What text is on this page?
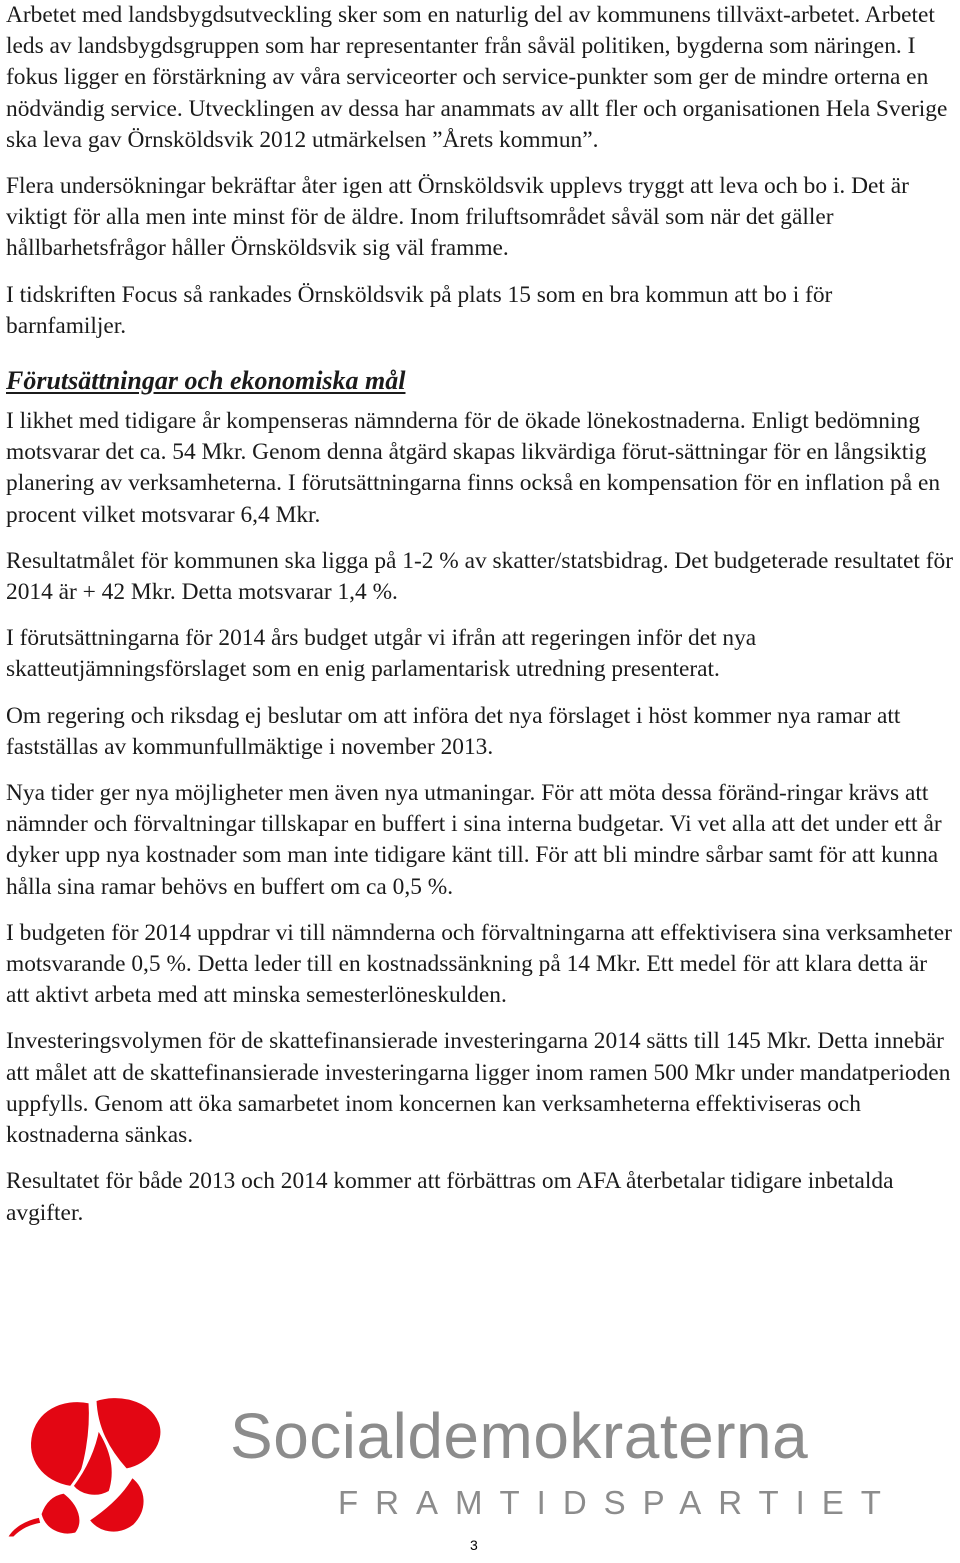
Arbetet med landsbygdsutveckling sker som en naturlig del av kommunens tillväxt-arbetet. Arbetet leds av landsbygdsgruppen som har representanter från såväl politiken, bygderna som näringen. I fokus ligger en förstärkning av våra serviceorter och service-punkter som ger de mindre orterna en nödvändig service. Utvecklingen av dessa har anammats av allt fler och organisationen Hela Sverige ska leva gav Örnsköldsvik 2012 utmärkelsen ”Årets kommun”.

Flera undersökningar bekräftar åter igen att Örnsköldsvik upplevs tryggt att leva och bo i. Det är viktigt för alla men inte minst för de äldre. Inom friluftsområdet såväl som när det gäller hållbarhetsfrågor håller Örnsköldsvik sig väl framme.

I tidskriften Focus så rankades Örnsköldsvik på plats 15 som en bra kommun att bo i för barnfamiljer.

Förutsättningar och ekonomiska mål

I likhet med tidigare år kompenseras nämnderna för de ökade lönekostnaderna. Enligt bedömning motsvarar det ca. 54 Mkr. Genom denna åtgärd skapas likvärdiga förut-sättningar för en långsiktig planering av verksamheterna. I förutsättningarna finns också en kompensation för en inflation på en procent vilket motsvarar 6,4 Mkr.

Resultatmålet för kommunen ska ligga på 1-2 % av skatter/statsbidrag. Det budgeterade resultatet för 2014 är + 42 Mkr. Detta motsvarar 1,4 %.

I förutsättningarna för 2014 års budget utgår vi ifrån att regeringen inför det nya skatteutjämningsförslaget som en enig parlamentarisk utredning presenterat.

Om regering och riksdag ej beslutar om att införa det nya förslaget i höst kommer nya ramar att fastställas av kommunfullmäktige i november 2013.

Nya tider ger nya möjligheter men även nya utmaningar. För att möta dessa föränd-ringar krävs att nämnder och förvaltningar tillskapar en buffert i sina interna budgetar. Vi vet alla att det under ett år dyker upp nya kostnader som man inte tidigare känt till. För att bli mindre sårbar samt för att kunna hålla sina ramar behövs en buffert om ca 0,5 %.

I budgeten för 2014 uppdrar vi till nämnderna och förvaltningarna att effektivisera sina verksamheter motsvarande 0,5 %. Detta leder till en kostnadssänkning på 14 Mkr. Ett medel för att klara detta är att aktivt arbeta med att minska semesterlöneskulden.

Investeringsvolymen för de skattefinansierade investeringarna 2014 sätts till 145 Mkr. Detta innebär att målet att de skattefinansierade investeringarna ligger inom ramen 500 Mkr under mandatperioden uppfylls. Genom att öka samarbetet inom koncernen kan verksamheterna effektiviseras och kostnaderna sänkas.

Resultatet för både 2013 och 2014 kommer att förbättras om AFA återbetalar tidigare inbetalda avgifter.

Socialdemokraterna

FRAMTIDSPARTIET

3
